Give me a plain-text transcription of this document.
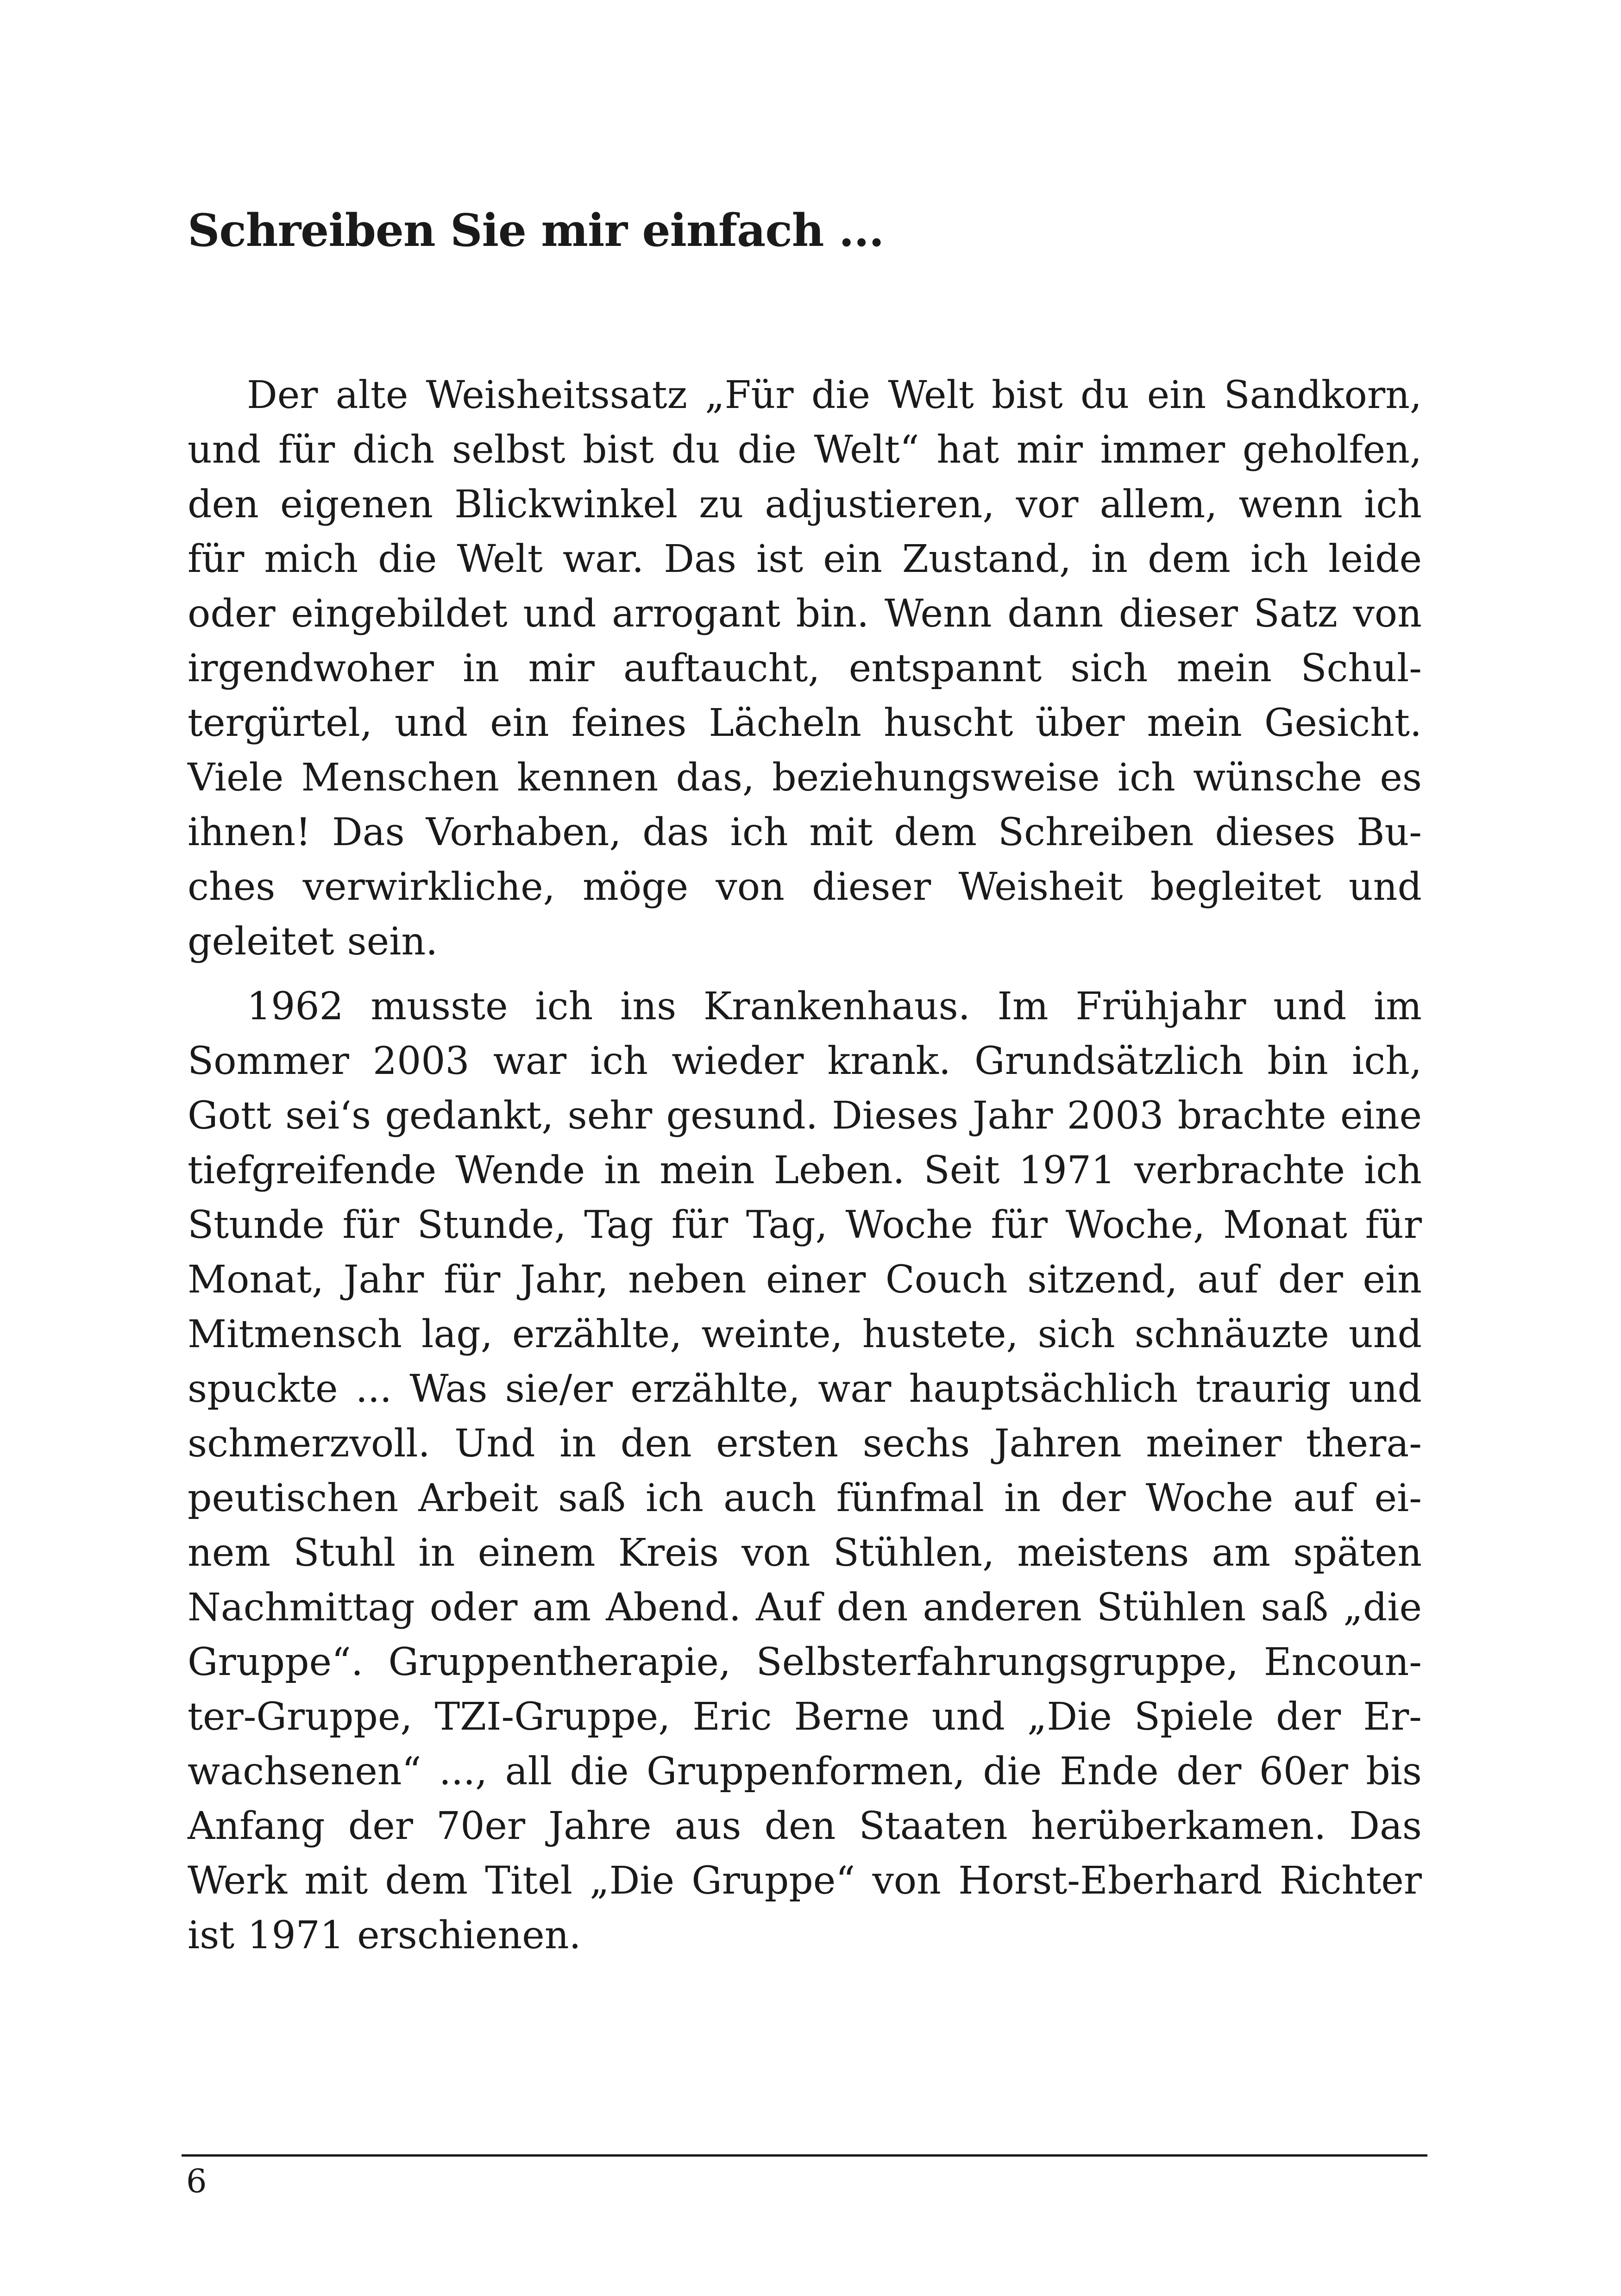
Schreiben Sie mir einfach ...

Der alte Weisheitssatz „Für die Welt bist du ein Sandkorn, und für dich selbst bist du die Welt“ hat mir immer geholfen, den eigenen Blickwinkel zu adjustieren, vor allem, wenn ich für mich die Welt war. Das ist ein Zustand, in dem ich leide oder eingebildet und arrogant bin. Wenn dann dieser Satz von irgendwoher in mir auftaucht, entspannt sich mein Schultergürtel, und ein feines Lächeln huscht über mein Gesicht. Viele Menschen kennen das, beziehungsweise ich wünsche es ihnen! Das Vorhaben, das ich mit dem Schreiben dieses Buches verwirkliche, möge von dieser Weisheit begleitet und geleitet sein.

1962 musste ich ins Krankenhaus. Im Frühjahr und im Sommer 2003 war ich wieder krank. Grundsätzlich bin ich, Gott sei‘s gedankt, sehr gesund. Dieses Jahr 2003 brachte eine tiefgreifende Wende in mein Leben. Seit 1971 verbrachte ich Stunde für Stunde, Tag für Tag, Woche für Woche, Monat für Monat, Jahr für Jahr, neben einer Couch sitzend, auf der ein Mitmensch lag, erzählte, weinte, hustete, sich schnäuzte und spuckte ... Was sie/er erzählte, war hauptsächlich traurig und schmerzvoll. Und in den ersten sechs Jahren meiner therapeutischen Arbeit saß ich auch fünfmal in der Woche auf einem Stuhl in einem Kreis von Stühlen, meistens am späten Nachmittag oder am Abend. Auf den anderen Stühlen saß „die Gruppe“. Gruppentherapie, Selbsterfahrungsgruppe, Encounter-Gruppe, TZI-Gruppe, Eric Berne und „Die Spiele der Erwachsenen“ ..., all die Gruppenformen, die Ende der 60er bis Anfang der 70er Jahre aus den Staaten herüberkamen. Das Werk mit dem Titel „Die Gruppe“ von Horst-Eberhard Richter ist 1971 erschienen.

6
